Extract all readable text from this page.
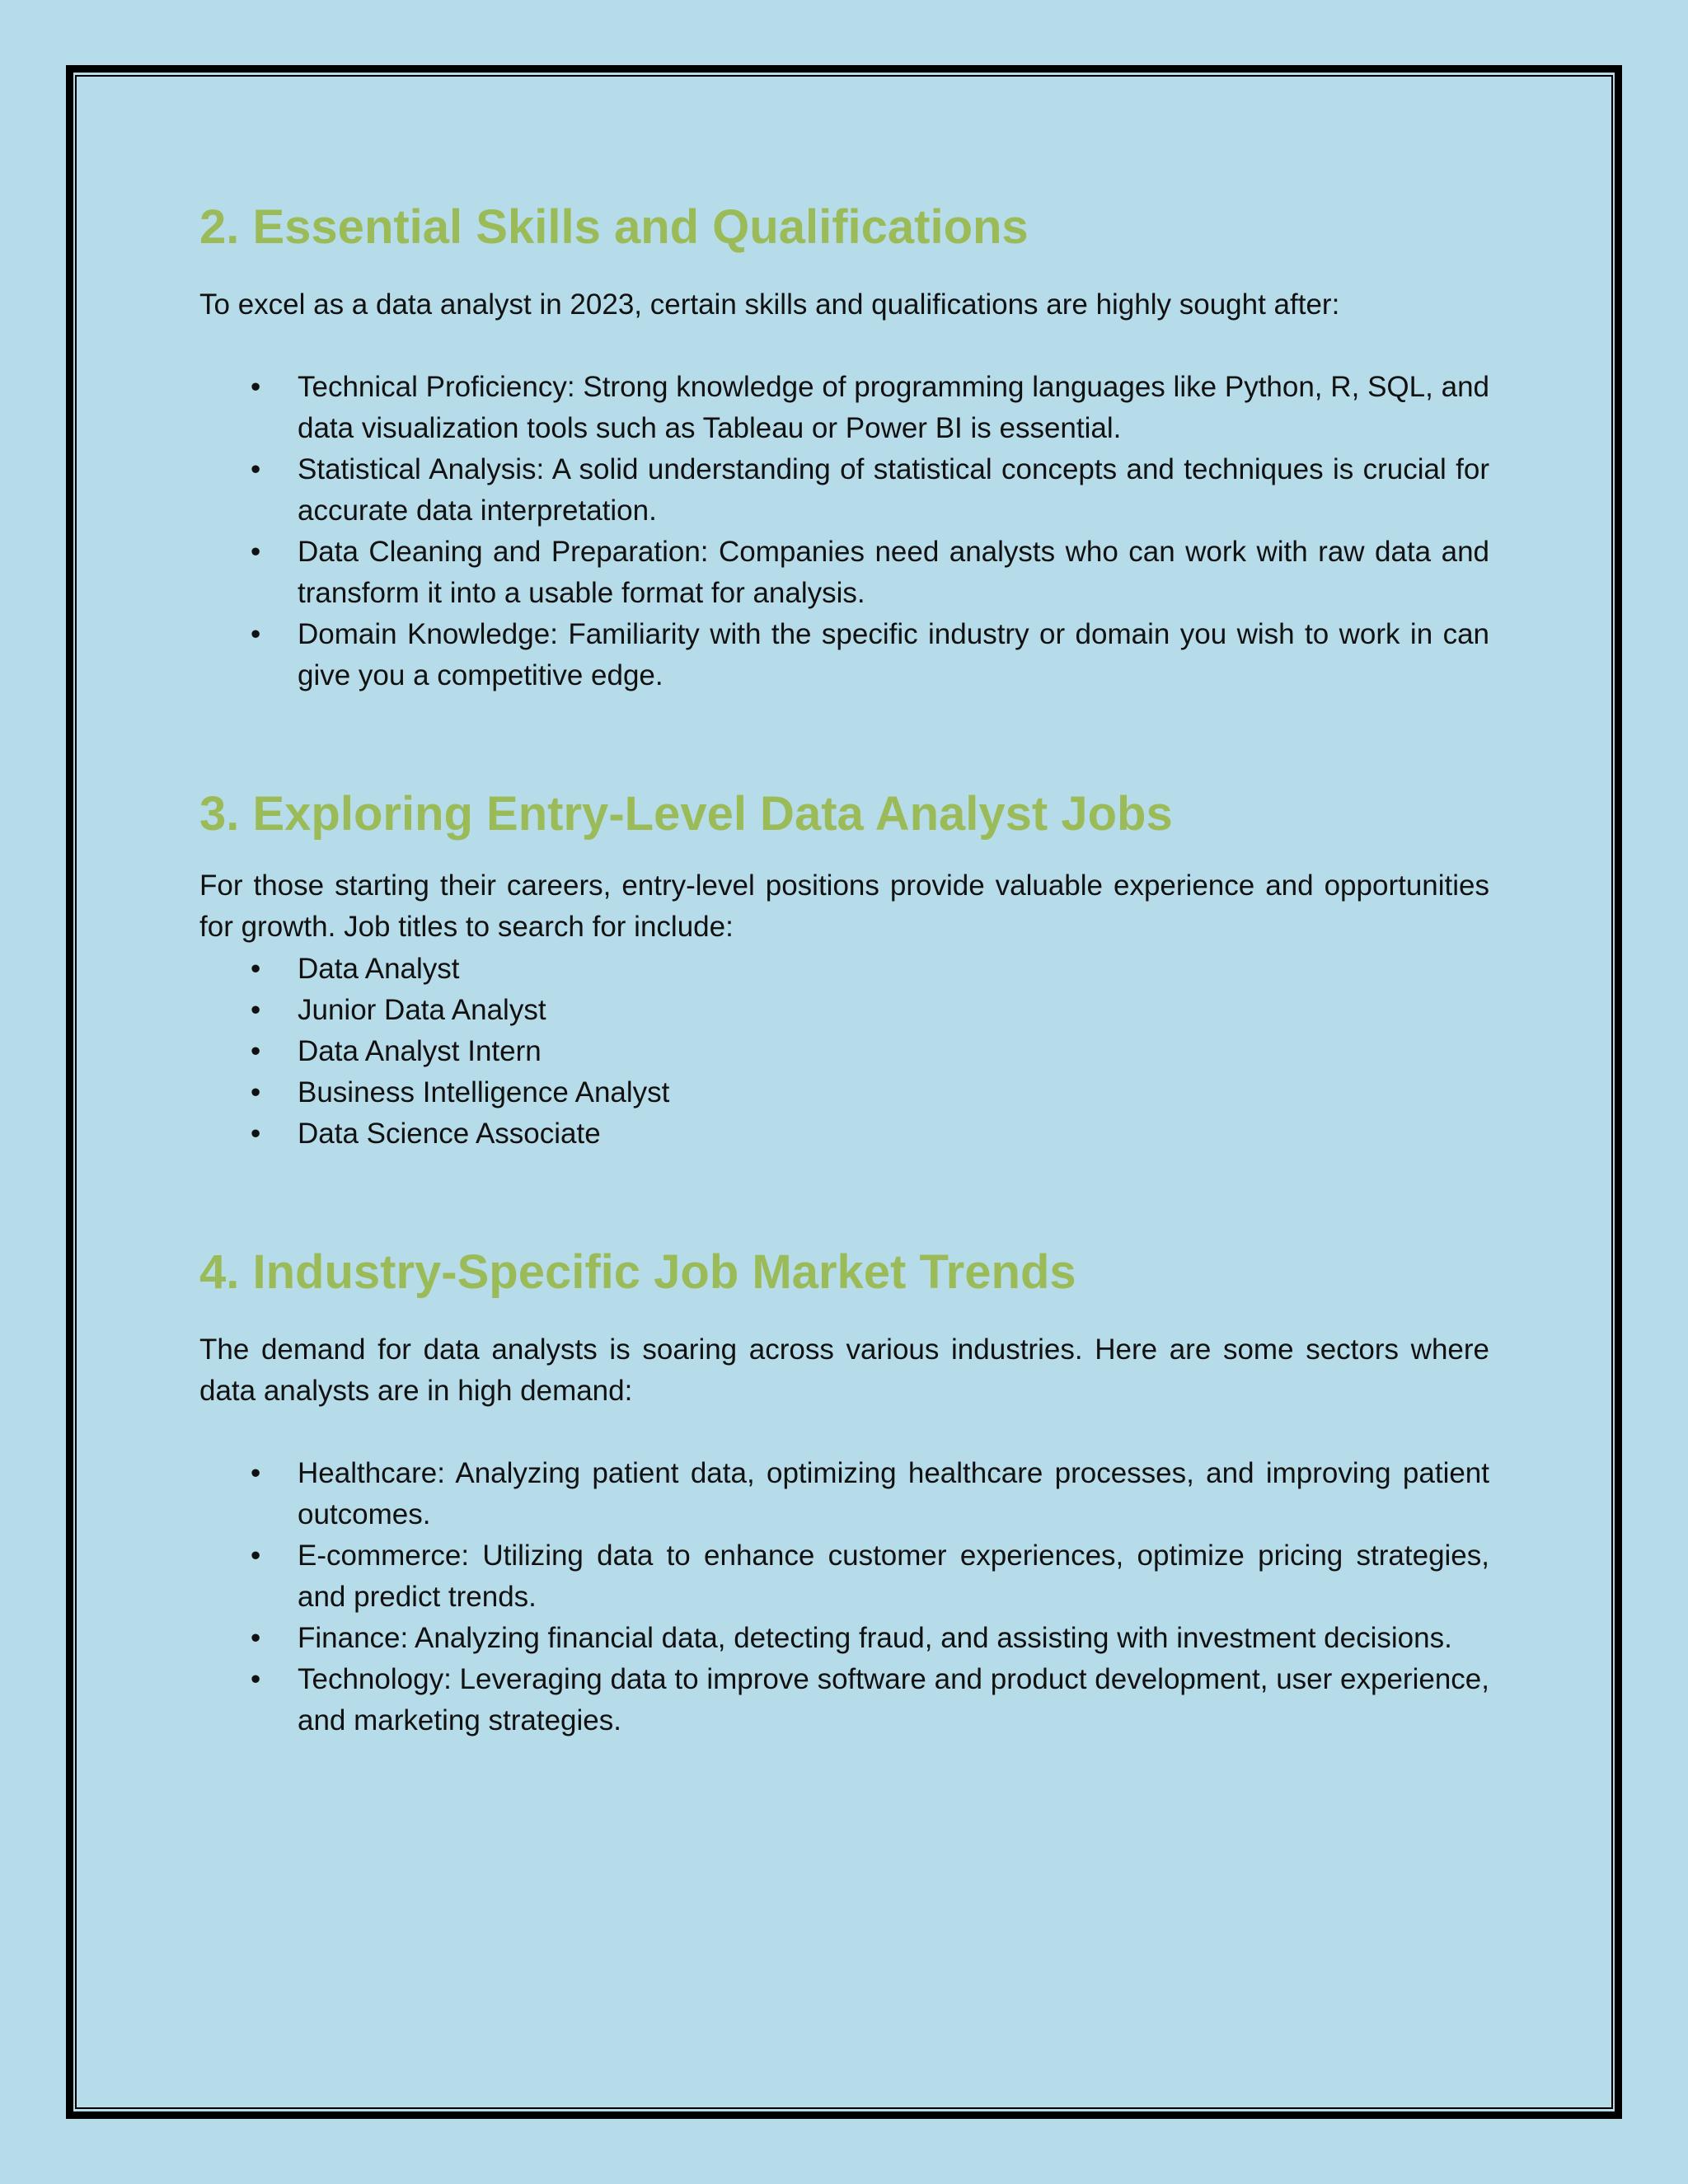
2. Essential Skills and Qualifications

To excel as a data analyst in 2023, certain skills and qualifications are highly sought after:

• Technical Proficiency: Strong knowledge of programming languages like Python, R, SQL, and data visualization tools such as Tableau or Power BI is essential.
• Statistical Analysis: A solid understanding of statistical concepts and techniques is crucial for accurate data interpretation.
• Data Cleaning and Preparation: Companies need analysts who can work with raw data and transform it into a usable format for analysis.
• Domain Knowledge: Familiarity with the specific industry or domain you wish to work in can give you a competitive edge.
3. Exploring Entry-Level Data Analyst Jobs

For those starting their careers, entry-level positions provide valuable experience and opportunities for growth. Job titles to search for include:

• Data Analyst
• Junior Data Analyst
• Data Analyst Intern
• Business Intelligence Analyst
• Data Science Associate
4. Industry-Specific Job Market Trends

The demand for data analysts is soaring across various industries. Here are some sectors where data analysts are in high demand:

• Healthcare: Analyzing patient data, optimizing healthcare processes, and improving patient outcomes.
• E-commerce: Utilizing data to enhance customer experiences, optimize pricing strategies, and predict trends.
• Finance: Analyzing financial data, detecting fraud, and assisting with investment decisions.
• Technology: Leveraging data to improve software and product development, user experience, and marketing strategies.
